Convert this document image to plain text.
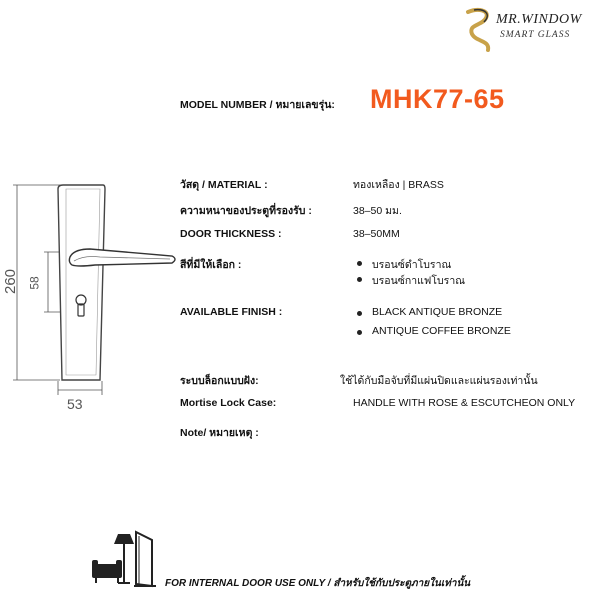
MR.WINDOW
SMART GLASS
MODEL NUMBER / หมายเลขรุ่น: MHK77-65
260 58
53
วัสดุ / MATERIAL :	ทองเหลือง | BRASS
ความหนาของประตูที่รองรับ :	38–50 มม.
DOOR THICKNESS :	38–50MM
สีที่มีให้เลือก :	บรอนซ์ดำโบราณ
บรอนซ์กาแฟโบราณ
AVAILABLE FINISH :	BLACK ANTIQUE BRONZE
ANTIQUE COFFEE BRONZE
ระบบล็อกแบบฝัง:	ใช้ได้กับมือจับที่มีแผ่นปิดและแผ่นรองเท่านั้น
Mortise Lock Case:	HANDLE WITH ROSE & ESCUTCHEON ONLY
Note/ หมายเหตุ :
FOR INTERNAL DOOR USE ONLY / สำหรับใช้กับประตูภายในเท่านั้น
